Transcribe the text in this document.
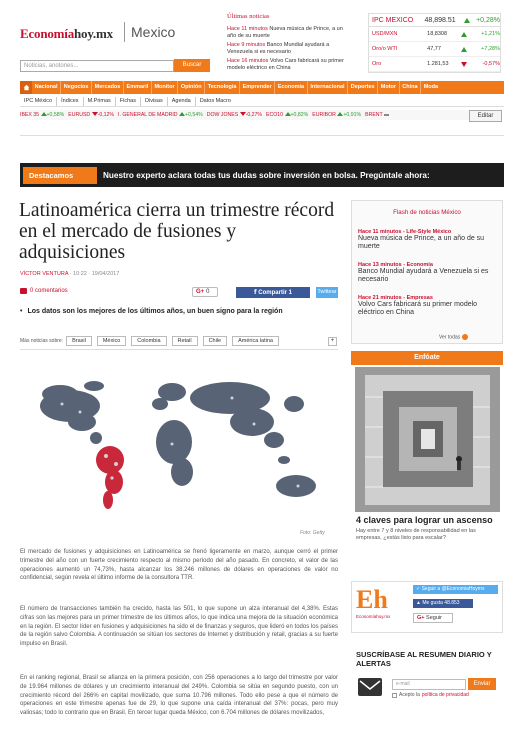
Economíahoy.mx Mexico
Noticias, anotones...	Buscar
Últimas noticias
Hace 11 minutos Nueva música de Prince, a un año de su muerte
Hace 9 minutos Banco Mundial ayudará a Venezuela si es necesario
Hace 16 minutos Volvo Cars fabricará su primer modelo eléctrico en China
IPC MEXICO	48,898.51	+0,28%
USD/MXN	18,8308	+1,21%
Oro/o WTI	47,77	+7,28%
Oro	1.281,53	-0,57%
Nacional	Negocios	Mercados	Emmaril	Monitor	Opinión	Tecnología	Emprender	Economía	Internacional	Deportes	Motor	China	Moda
IPC México	Índices	M.Primas	Fichas	Divisas	Agenda	Datos Macro
IBEX 35 +0,58% EURUSD -0,12% I. GENERAL DE MADRID +0,54% DOW JONES -0,27% ECO10 +0,82% EURIBOR +0,91% BRENT	Editar
Destacamos	Nuestro experto aclara todas tus dudas sobre inversión en bolsa. Pregúntale ahora:
Latinoamérica cierra un trimestre récord en el mercado de fusiones y adquisiciones
VÍCTOR VENTURA · 10:22 · 19/04/2017
0 comentarios	G+ 0	f Compartir 1	Twittear
• Los datos son los mejores de los últimos años, un buen signo para la región
Más noticias sobre:	Brasil	México	Colombia	Retail	Chile	América latina	+
Foto: Getty

El mercado de fusiones y adquisiciones en Latinoamérica se frenó ligeramente en marzo, aunque cerró el primer trimestre del año con un fuerte crecimiento respecto al mismo período del año pasado. En concreto, el valor de las operaciones aumentó un 74,73%, hasta alcanzar los 38.246 millones de dólares en operaciones de valor no confidencial, según revela el último informe de la consultora TTR.

El número de transacciones también ha crecido, hasta las 501, lo que supone un alza interanual del 4,38%. Estas cifras son las mejores para un primer trimestre de los últimos años, lo que indica una mejora de la situación económica en la región. El sector líder en fusiones y adquisiciones ha sido el de finanzas y seguros, que lideró en todos los países de la región salvo Colombia. A continuación se sitúan los sectores de Internet y distribución y retail, gracias a su fuerte impulso en Brasil.

En el ranking regional, Brasil se afianza en la primera posición, con 256 operaciones a lo largo del trimestre por valor de 19.964 millones de dólares y un crecimiento interanual del 249%. Colombia se sitúa en segundo puesto, con un crecimiento récord del 266% en capital movilizado, que suma 10.796 millones. Todo ello pese a que el número de operaciones en este trimestre apenas fue de 29, lo que supone una caída interanual del 37%: pocas, pero muy valiosas; todo lo contrario que en Brasil. En tercer lugar queda México, con 6.704 millones de dólares movilizados,

Flash de noticias México
Hace 11 minutos - Life-Style México
Nueva música de Prince, a un año de su muerte
Hace 13 minutos - Economía
Banco Mundial ayudará a Venezuela si es necesario
Hace 21 minutos - Empresas
Volvo Cars fabricará su primer modelo eléctrico en China
Ver todas
Enfóate
4 claves para lograr un ascenso
Hay entre 7 y 8 niveles de responsabilidad en las empresas, ¿estás listo para escalar?
Eh
Economíahoy.mx
✓ Seguir a @EconomiaHoymx
▲ Me gusta 48.853
G+ Seguir
SUSCRÍBASE AL RESUMEN DIARIO Y ALERTAS
e-mail	Enviar
Acepto la política de privacidad
